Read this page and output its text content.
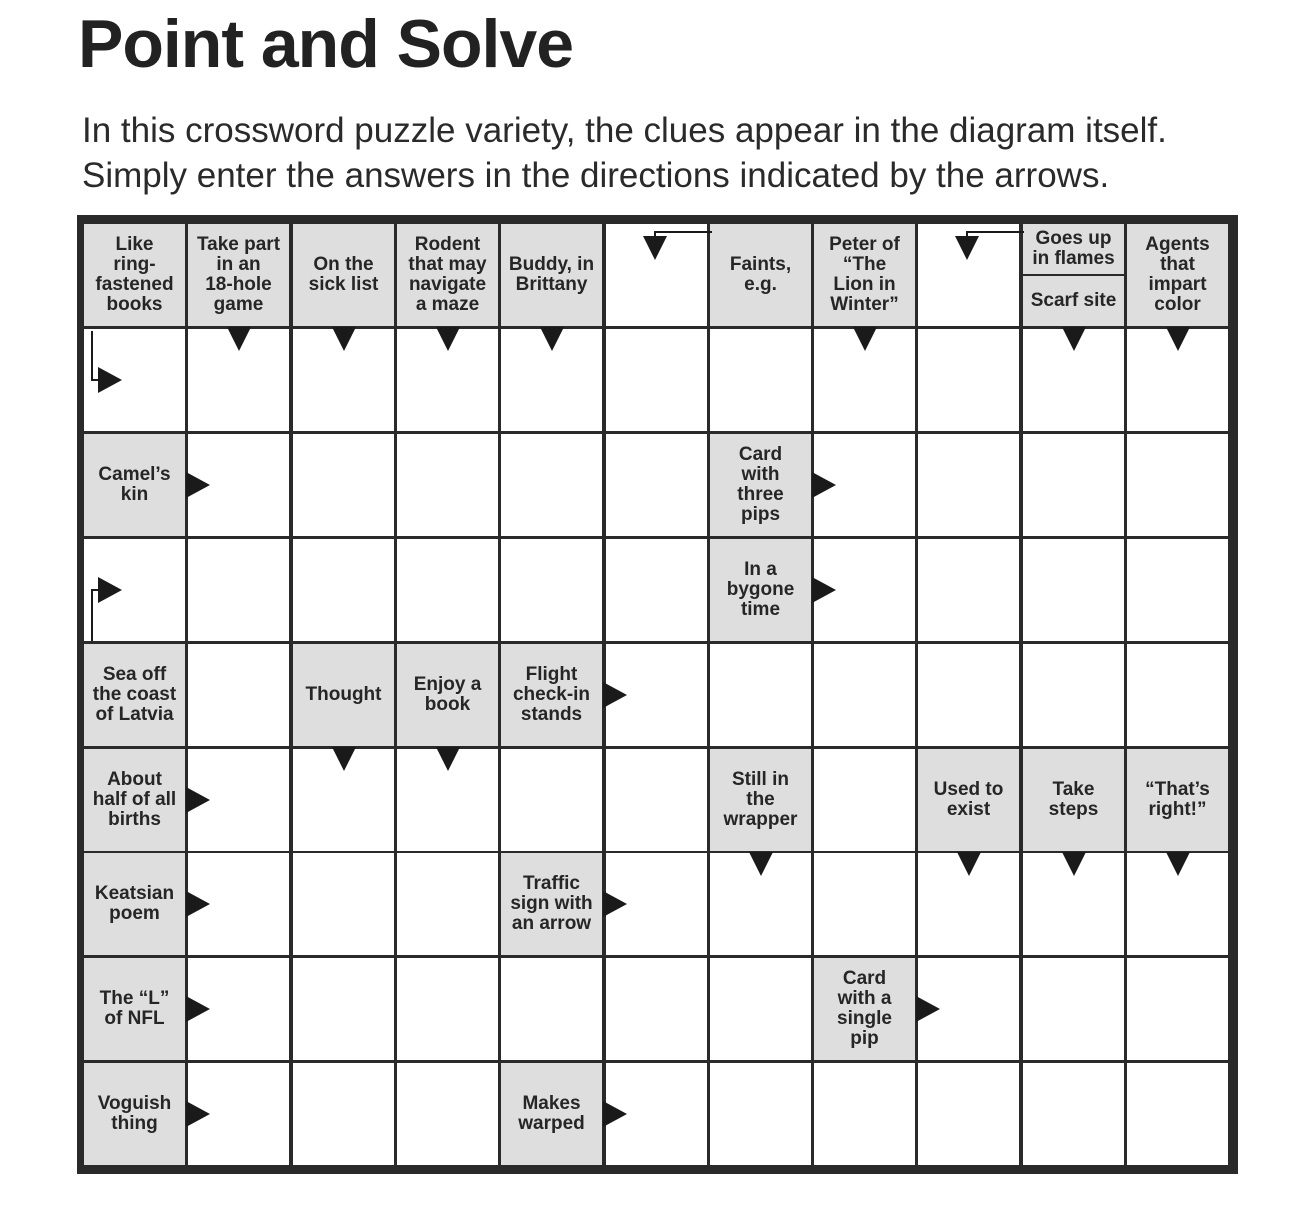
Point and Solve

In this crossword puzzle variety, the clues appear in the diagram itself.
Simply enter the answers in the directions indicated by the arrows.

Like
ring-
fastened
books
Take part
in an
18-hole
game
On the
sick list
Rodent
that may
navigate
a maze
Buddy, in
Brittany
Faints,
e.g.
Peter of
“The
Lion in
Winter”
Goes up
in flames
Scarf site
Agents
that
impart
color
Camel’s
kin
Card
with
three
pips
In a
bygone
time
Sea off
the coast
of Latvia
Thought	Enjoy a
book
Flight
check-in
stands
About
half of all
births
Still in
the
wrapper
Used to
exist
Take
steps
“That’s
right!”
Keatsian
poem
Traffic
sign with
an arrow
The “L”
of NFL
Card
with a
single
pip
Voguish
thing
Makes
warped
